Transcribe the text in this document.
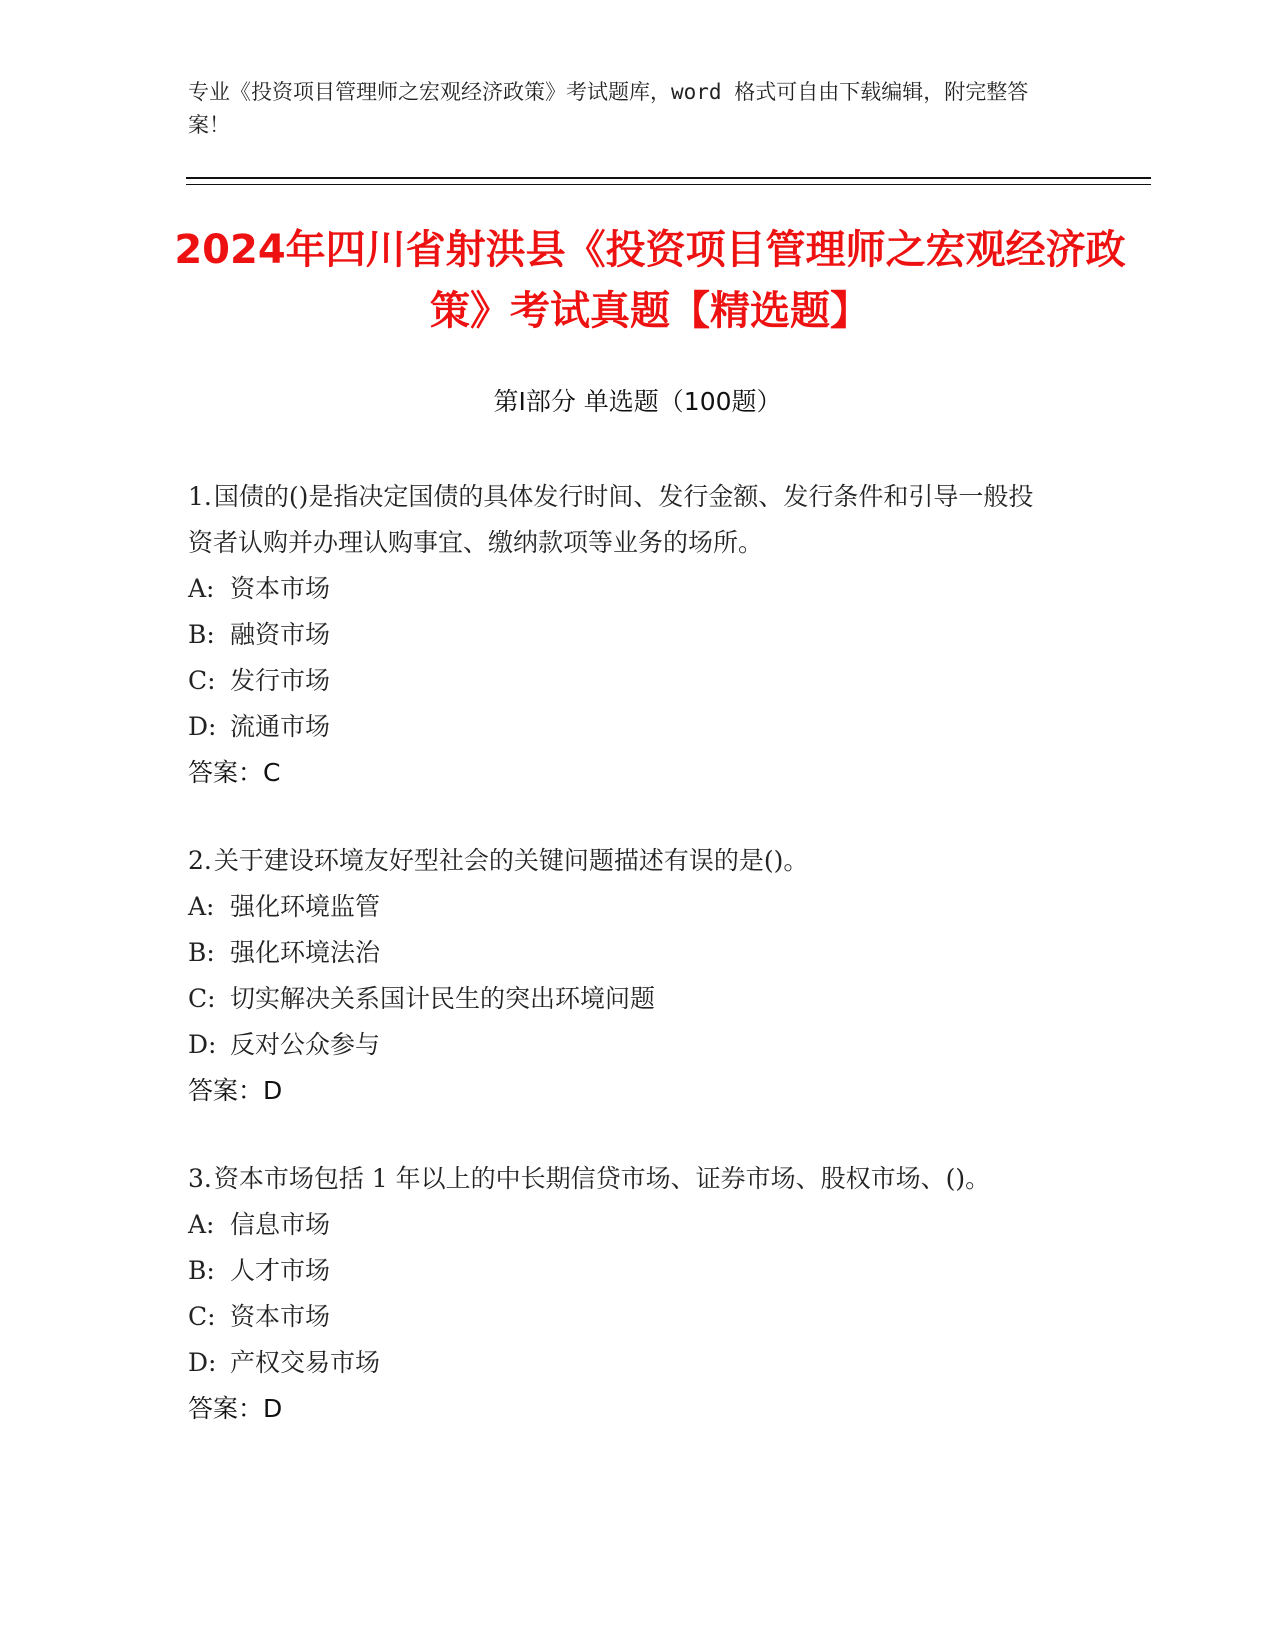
专业《投资项目管理师之宏观经济政策》考试题库，word 格式可自由下载编辑，附完整答案！
2024年四川省射洪县《投资项目管理师之宏观经济政策》考试真题【精选题】
第Ⅰ部分 单选题（100题）
1.国债的()是指决定国债的具体发行时间、发行金额、发行条件和引导一般投资者认购并办理认购事宜、缴纳款项等业务的场所。
A: 资本市场
B: 融资市场
C: 发行市场
D: 流通市场
答案：C
2.关于建设环境友好型社会的关键问题描述有误的是()。
A: 强化环境监管
B: 强化环境法治
C: 切实解决关系国计民生的突出环境问题
D: 反对公众参与
答案：D
3.资本市场包括 1 年以上的中长期信贷市场、证券市场、股权市场、()。
A: 信息市场
B: 人才市场
C: 资本市场
D: 产权交易市场
答案：D
